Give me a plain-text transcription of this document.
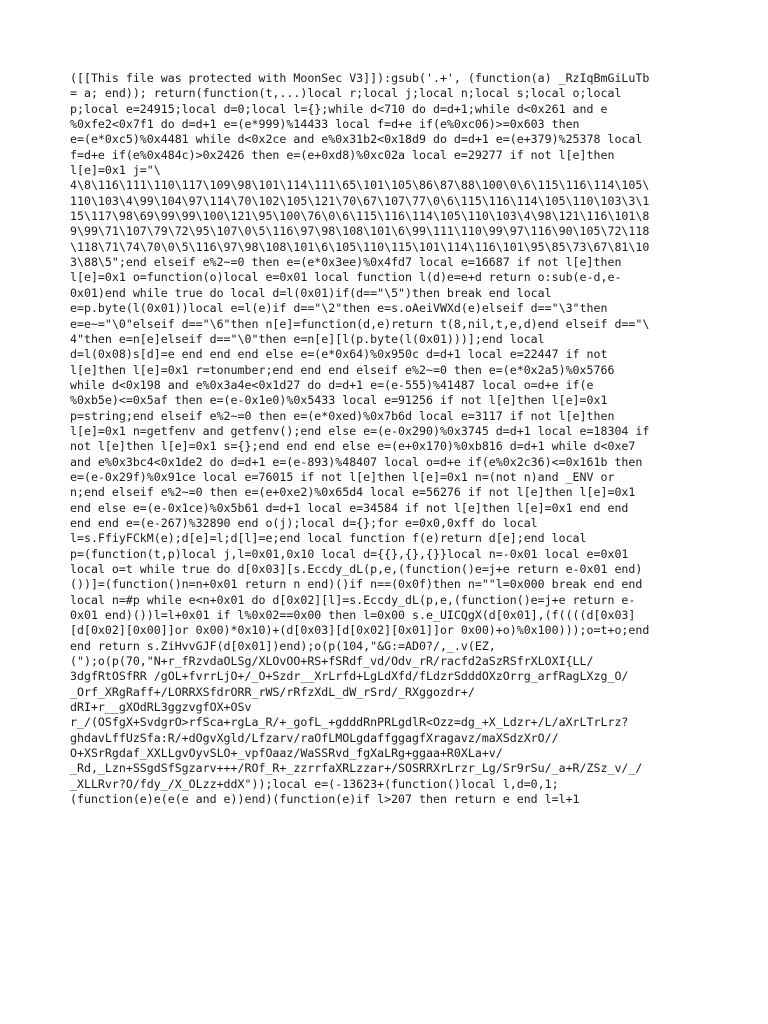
([[This file was protected with MoonSec V3]]):gsub('.+', (function(a) _RzIqBmGiLuTb
= a; end)); return(function(t,...)local r;local j;local n;local s;local o;local
p;local e=24915;local d=0;local l={};while d<710 do d=d+1;while d<0x261 and e
%0xfe2<0x7f1 do d=d+1 e=(e*999)%14433 local f=d+e if(e%0xc06)>=0x603 then
e=(e*0xc5)%0x4481 while d<0x2ce and e%0x31b2<0x18d9 do d=d+1 e=(e+379)%25378 local
f=d+e if(e%0x484c)>0x2426 then e=(e+0xd8)%0xc02a local e=29277 if not l[e]then
l[e]=0x1 j="\
4\8\116\111\110\117\109\98\101\114\111\65\101\105\86\87\88\100\0\6\115\116\114\105\
110\103\4\99\104\97\114\70\102\105\121\70\67\107\77\0\6\115\116\114\105\110\103\3\1
15\117\98\69\99\99\100\121\95\100\76\0\6\115\116\114\105\110\103\4\98\121\116\101\8
9\99\71\107\79\72\95\107\0\5\116\97\98\108\101\6\99\111\110\99\97\116\90\105\72\118
\118\71\74\70\0\5\116\97\98\108\101\6\105\110\115\101\114\116\101\95\85\73\67\81\10
3\88\5";end elseif e%2~=0 then e=(e*0x3ee)%0x4fd7 local e=16687 if not l[e]then
l[e]=0x1 o=function(o)local e=0x01 local function l(d)e=e+d return o:sub(e-d,e-
0x01)end while true do local d=l(0x01)if(d=="\5")then break end local
e=p.byte(l(0x01))local e=l(e)if d=="\2"then e=s.oAeiVWXd(e)elseif d=="\3"then
e=e~="\0"elseif d=="\6"then n[e]=function(d,e)return t(8,nil,t,e,d)end elseif d=="\
4"then e=n[e]elseif d=="\0"then e=n[e][l(p.byte(l(0x01)))];end local
d=l(0x08)s[d]=e end end end else e=(e*0x64)%0x950c d=d+1 local e=22447 if not
l[e]then l[e]=0x1 r=tonumber;end end end elseif e%2~=0 then e=(e*0x2a5)%0x5766
while d<0x198 and e%0x3a4e<0x1d27 do d=d+1 e=(e-555)%41487 local o=d+e if(e
%0xb5e)<=0x5af then e=(e-0x1e0)%0x5433 local e=91256 if not l[e]then l[e]=0x1
p=string;end elseif e%2~=0 then e=(e*0xed)%0x7b6d local e=3117 if not l[e]then
l[e]=0x1 n=getfenv and getfenv();end else e=(e-0x290)%0x3745 d=d+1 local e=18304 if
not l[e]then l[e]=0x1 s={};end end end else e=(e+0x170)%0xb816 d=d+1 while d<0xe7
and e%0x3bc4<0x1de2 do d=d+1 e=(e-893)%48407 local o=d+e if(e%0x2c36)<=0x161b then
e=(e-0x29f)%0x91ce local e=76015 if not l[e]then l[e]=0x1 n=(not n)and _ENV or
n;end elseif e%2~=0 then e=(e+0xe2)%0x65d4 local e=56276 if not l[e]then l[e]=0x1
end else e=(e-0x1ce)%0x5b61 d=d+1 local e=34584 if not l[e]then l[e]=0x1 end end
end end e=(e-267)%32890 end o(j);local d={};for e=0x0,0xff do local
l=s.FfiyFCkM(e);d[e]=l;d[l]=e;end local function f(e)return d[e];end local
p=(function(t,p)local j,l=0x01,0x10 local d={{},{},{}}local n=-0x01 local e=0x01
local o=t while true do d[0x03][s.Eccdy_dL(p,e,(function()e=j+e return e-0x01 end)
())]=(function()n=n+0x01 return n end)()if n==(0x0f)then n=""l=0x000 break end end
local n=#p while e<n+0x01 do d[0x02][l]=s.Eccdy_dL(p,e,(function()e=j+e return e-
0x01 end)())l=l+0x01 if l%0x02==0x00 then l=0x00 s.e_UICQgX(d[0x01],(f((((d[0x03]
[d[0x02][0x00]]or 0x00)*0x10)+(d[0x03][d[0x02][0x01]]or 0x00)+o)%0x100)));o=t+o;end
end return s.ZiHvvGJF(d[0x01])end);o(p(104,"&G:=AD0?/,_.v(EZ,
(");o(p(70,"N+r_fRzvdaOLSg/XLOvOO+RS+fSRdf_vd/Odv_rR/racfd2aSzRSfrXLOXI{LL/
3dgfRtOSfRR /gOL+fvrrLjO+/_O+Szdr__XrLrfd+LgLdXfd/fLdzrSdddOXzOrrg_arfRagLXzg_O/
_Orf_XRgRaff+/LORRXSfdrORR_rWS/rRfzXdL_dW_rSrd/_RXggozdr+/
dRI+r__gXOdRL3ggzvgfOX+OSv
r_/(OSfgX+SvdgrO>rfSca+rgLa_R/+_gofL_+gdddRnPRLgdlR<Ozz=dg_+X_Ldzr+/L/aXrLTrLrz?
ghdavLffUzSfa:R/+dOgvXgld/Lfzarv/raOfLMOLgdaffggagfXragavz/maXSdzXrO//
O+XSrRgdaf_XXLLgvOyvSLO+_vpfOaaz/WaSSRvd_fgXaLRg+ggaa+R0XLa+v/
_Rd,_Lzn+SSgdSfSgzarv+++/ROf_R+_zzrrfaXRLzzar+/SOSRRXrLrzr_Lg/Sr9rSu/_a+R/ZSz_v/_/
_XLLRvr?O/fdy_/X_OLzz+ddX"));local e=(-13623+(function()local l,d=0,1;
(function(e)e(e(e and e))end)(function(e)if l>207 then return e end l=l+1
